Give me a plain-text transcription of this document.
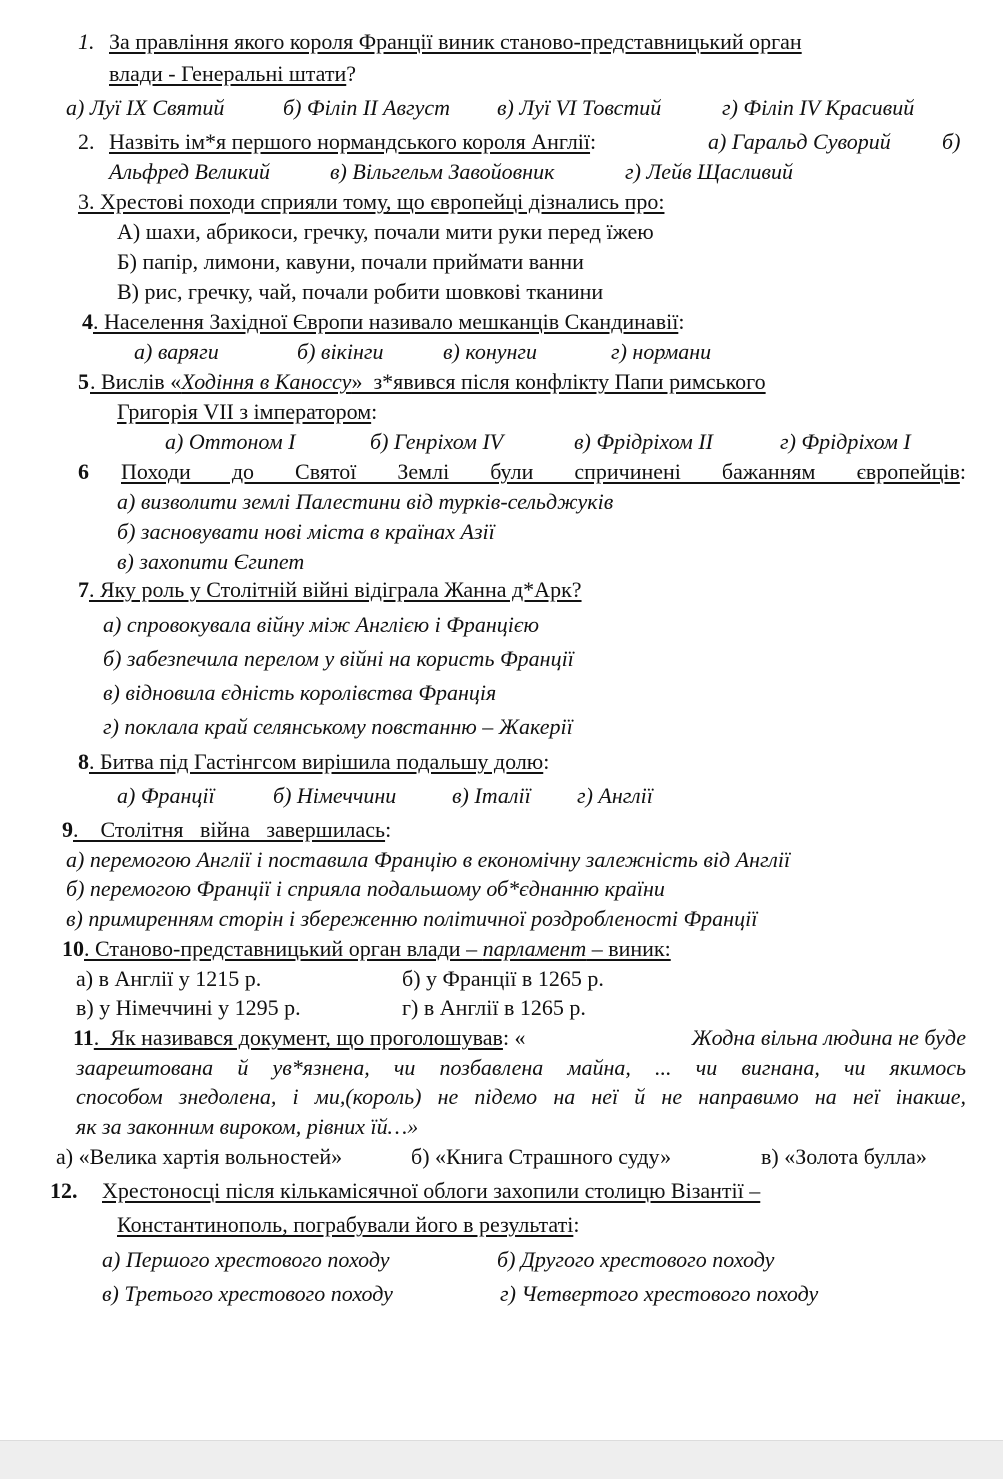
1. За правління якого короля Франції виник станово-представницький орган
влади - Генеральні штати?
а) Луї IX Святий	б) Філіп II Август в) Луї VI Товстий	г) Філіп IV Красивий
2. Назвіть ім*я першого нормандського короля Англії:	а) Гаральд Суворий б)
Альфред Великий	в) Вільгельм Завойовник	г) Лейв Щасливий
3. Хрестові походи сприяли тому, що європейці дізнались про:
А) шахи, абрикоси, гречку, почали мити руки перед їжею
Б) папір, лимони, кавуни, почали приймати ванни
В) рис, гречку, чай, почали робити шовкові тканини
4. Населення Західної Європи називало мешканців Скандинавії:
а) варяги	б) вікінги	в) конунги	г) нормани
5 . Вислів «Ходіння в Каноссу»  з*явився після конфлікту Папи римського
Григорія VII з імператором:
а) Оттоном I	б) Генріхом IV	в) Фрідріхом II	г) Фрідріхом I
6 Походи до Святої Землі були спричинені бажанням європейців :
а) визволити землі Палестини від турків-сельджуків
б) засновувати нові міста в країнах Азії
в) захопити Єгипет
7. Яку роль у Столітній війні відіграла Жанна д*Арк?
а) спровокувала війну між Англією і Францією
б) забезпечила перелом у війні на користь Франції
в) відновила єдність королівства Франція
г) поклала край селянському повстанню – Жакерії
8. Битва під Гастінгсом вирішила подальшу долю:
а) Франції	б) Німеччини	в) Італії г) Англії
9.    Столітня   війна   завершилась:
а) перемогою Англії і поставила Францію в економічну залежність від Англії
б) перемогою Франції і сприяла подальшому об*єднанню країни
в) примиренням сторін і збереженню політичної роздробленості Франції
10. Станово-представницький орган влади – парламент – виник:
а) в Англії у 1215 р.	б) у Франції в 1265 р.
в) у Німеччині у 1295 р.	г) в Англії в 1265 р.
11.  Як називався документ, що проголошував: «	Жодна вільна людина не буде
заарештована й ув*язнена, чи позбавлена майна, ... чи вигнана, чи якимось
способом знедолена, і ми,(король) не підемо на неї й не направимо на неї інакше,
як за законним вироком, рівних їй…»
а) «Велика хартія вольностей»	б) «Книга Страшного суду»	в) «Золота булла»
12. Хрестоносці після кількамісячної облоги захопили столицю Візантії –
Константинополь, пограбували його в результаті:
а) Першого хрестового походу	б) Другого хрестового походу
в) Третього хрестового походу	г) Четвертого хрестового походу
